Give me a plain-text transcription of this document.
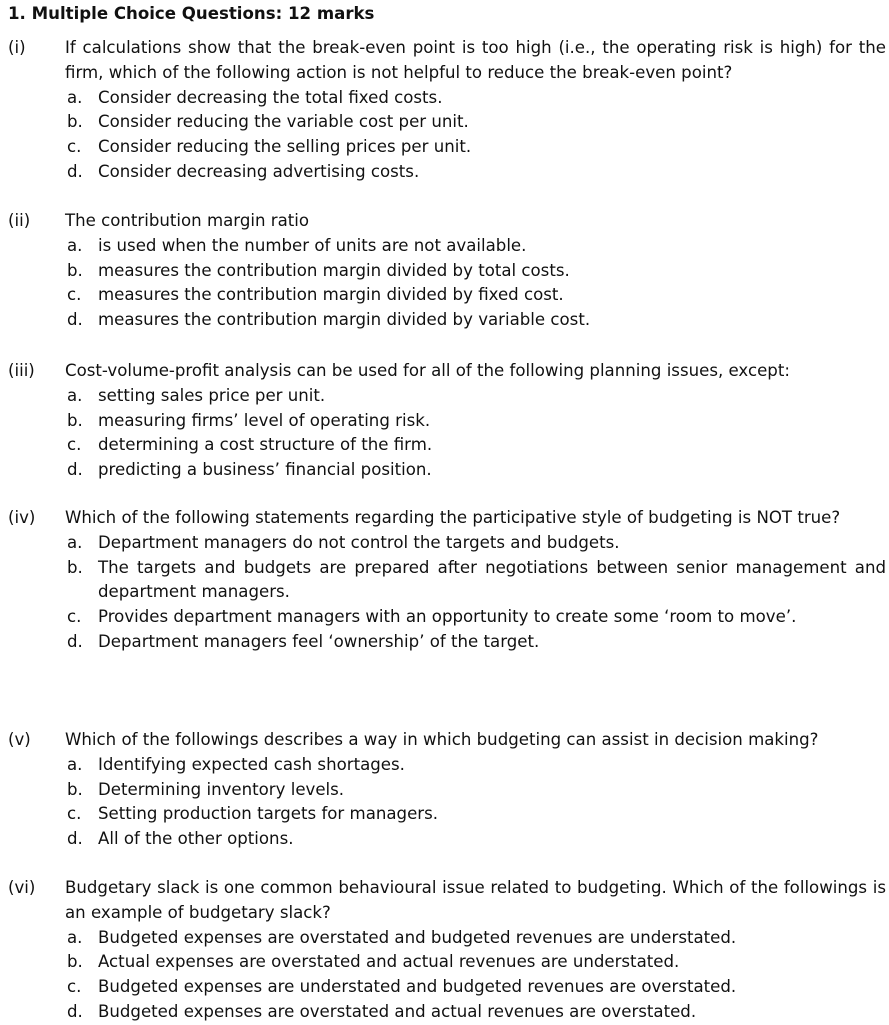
1. Multiple Choice Questions: 12 marks
(i) If calculations show that the break-even point is too high (i.e., the operating risk is high) for the firm, which of the following action is not helpful to reduce the break-even point?
a. Consider decreasing the total fixed costs.
b. Consider reducing the variable cost per unit.
c. Consider reducing the selling prices per unit.
d. Consider decreasing advertising costs.
(ii) The contribution margin ratio
a. is used when the number of units are not available.
b. measures the contribution margin divided by total costs.
c. measures the contribution margin divided by fixed cost.
d. measures the contribution margin divided by variable cost.
(iii) Cost-volume-profit analysis can be used for all of the following planning issues, except:
a. setting sales price per unit.
b. measuring firms’ level of operating risk.
c. determining a cost structure of the firm.
d. predicting a business’ financial position.
(iv) Which of the following statements regarding the participative style of budgeting is NOT true?
a. Department managers do not control the targets and budgets.
b. The targets and budgets are prepared after negotiations between senior management and department managers.
c. Provides department managers with an opportunity to create some ‘room to move’.
d. Department managers feel ‘ownership’ of the target.
(v) Which of the followings describes a way in which budgeting can assist in decision making?
a. Identifying expected cash shortages.
b. Determining inventory levels.
c. Setting production targets for managers.
d. All of the other options.
(vi) Budgetary slack is one common behavioural issue related to budgeting. Which of the followings is an example of budgetary slack?
a. Budgeted expenses are overstated and budgeted revenues are understated.
b. Actual expenses are overstated and actual revenues are understated.
c. Budgeted expenses are understated and budgeted revenues are overstated.
d. Budgeted expenses are overstated and actual revenues are overstated.
